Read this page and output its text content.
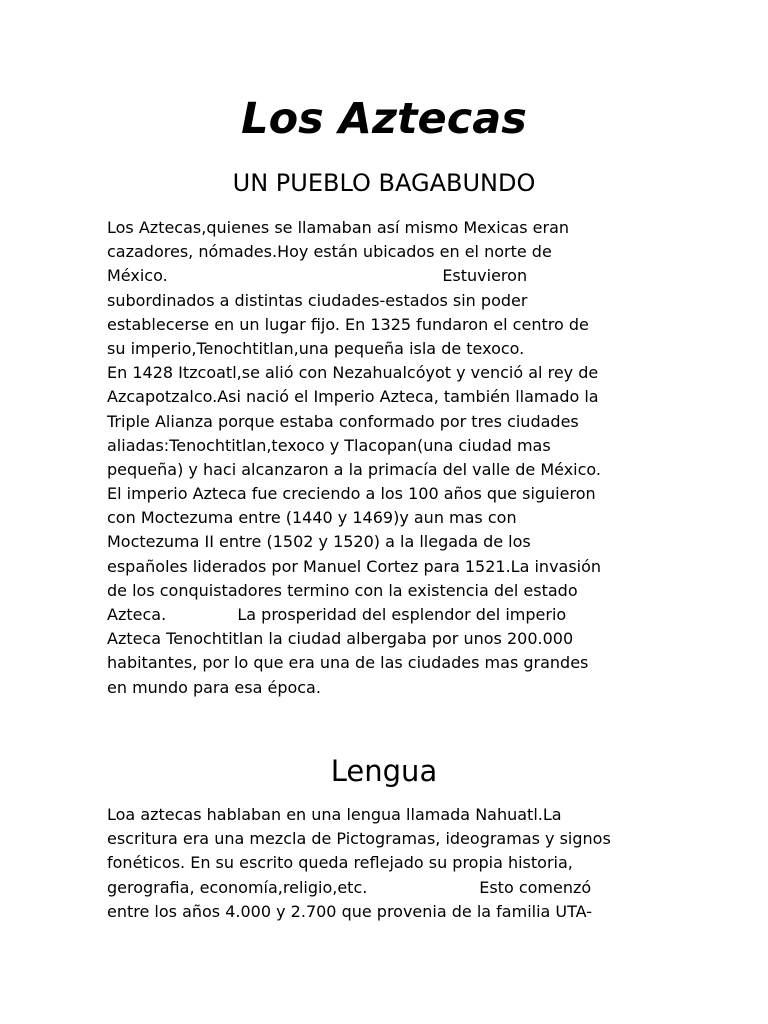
Los Aztecas
UN PUEBLO BAGABUNDO
Los Aztecas,quienes se llamaban así mismo Mexicas eran
cazadores, nómades.Hoy están ubicados en el norte de
México.                                                      Estuvieron
subordinados a distintas ciudades-estados sin poder
establecerse en un lugar fijo. En 1325 fundaron el centro de
su imperio,Tenochtitlan,una pequeña isla de texoco.
En 1428 Itzcoatl,se alió con Nezahualcóyot y venció al rey de
Azcapotzalco.Asi nació el Imperio Azteca, también llamado la
Triple Alianza porque estaba conformado por tres ciudades
aliadas:Tenochtitlan,texoco y Tlacopan(una ciudad mas
pequeña) y haci alcanzaron a la primacía del valle de México.
El imperio Azteca fue creciendo a los 100 años que siguieron
con Moctezuma entre (1440 y 1469)y aun mas con
Moctezuma II entre (1502 y 1520) a la llegada de los
españoles liderados por Manuel Cortez para 1521.La invasión
de los conquistadores termino con la existencia del estado
Azteca.              La prosperidad del esplendor del imperio
Azteca Tenochtitlan la ciudad albergaba por unos 200.000
habitantes, por lo que era una de las ciudades mas grandes
en mundo para esa época.
Lengua
Loa aztecas hablaban en una lengua llamada Nahuatl.La
escritura era una mezcla de Pictogramas, ideogramas y signos
fonéticos. En su escrito queda reflejado su propia historia,
gerografia, economía,religio,etc.                      Esto comenzó
entre los años 4.000 y 2.700 que provenia de la familia UTA-
